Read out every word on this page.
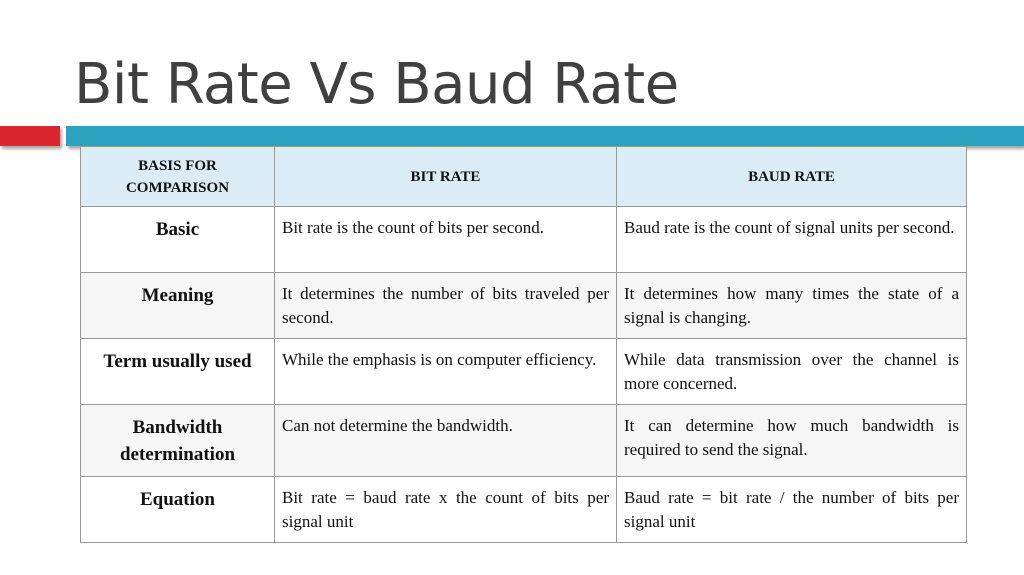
Bit Rate Vs Baud Rate
BASIS FOR COMPARISON	BIT RATE	BAUD RATE
Basic	Bit rate is the count of bits per second.	Baud rate is the count of signal units per second.
Meaning	It determines the number of bits traveled per second.	It determines how many times the state of a signal is changing.
Term usually used	While the emphasis is on computer efficiency.	While data transmission over the channel is more concerned.
Bandwidth determination	Can not determine the bandwidth.	It can determine how much bandwidth is required to send the signal.
Equation	Bit rate = baud rate x the count of bits per signal unit	Baud rate = bit rate / the number of bits per signal unit
